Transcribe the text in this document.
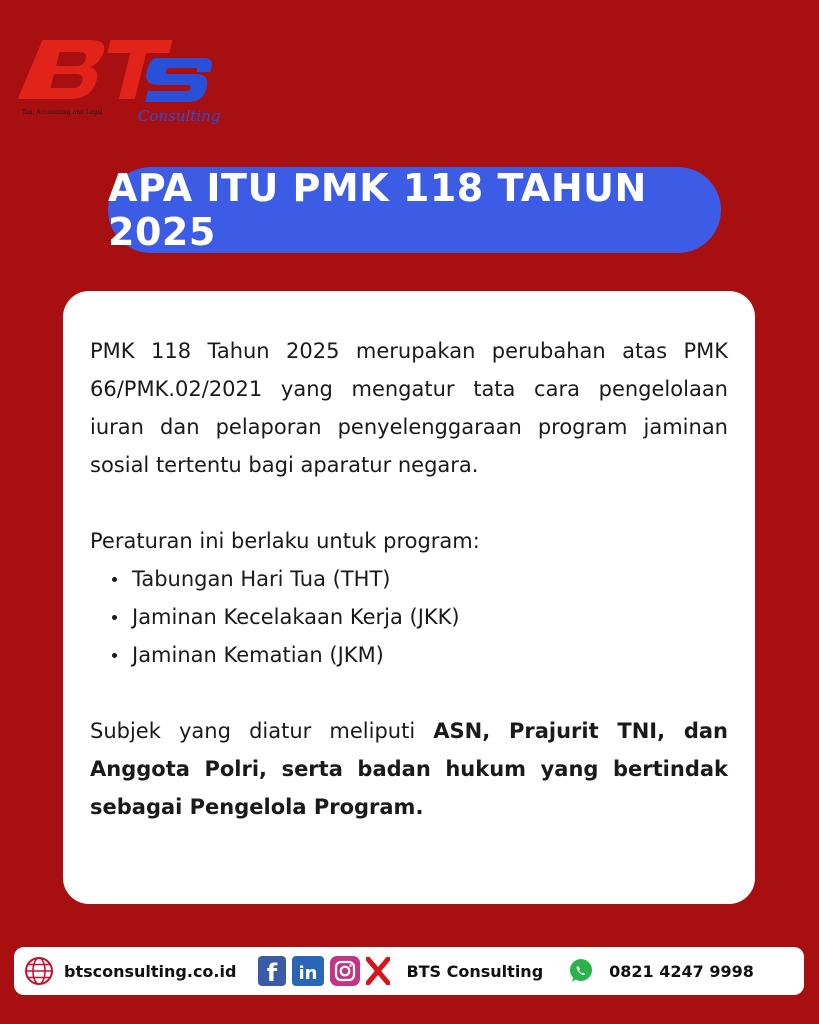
Tax, Accounting and Legal Consulting
APA ITU PMK 118 TAHUN 2025

PMK 118 Tahun 2025 merupakan perubahan atas PMK 66/PMK.02/2021 yang mengatur tata cara pengelolaan iuran dan pelaporan penyelenggaraan program jaminan sosial tertentu bagi aparatur negara.

Peraturan ini berlaku untuk program:

Tabungan Hari Tua (THT)
Jaminan Kecelakaan Kerja (JKK)
Jaminan Kematian (JKM)

Subjek yang diatur meliputi ASN, Prajurit TNI, dan Anggota Polri, serta badan hukum yang bertindak sebagai Pengelola Program.

btsconsulting.co.id f in	BTS Consulting	0821 4247 9998
